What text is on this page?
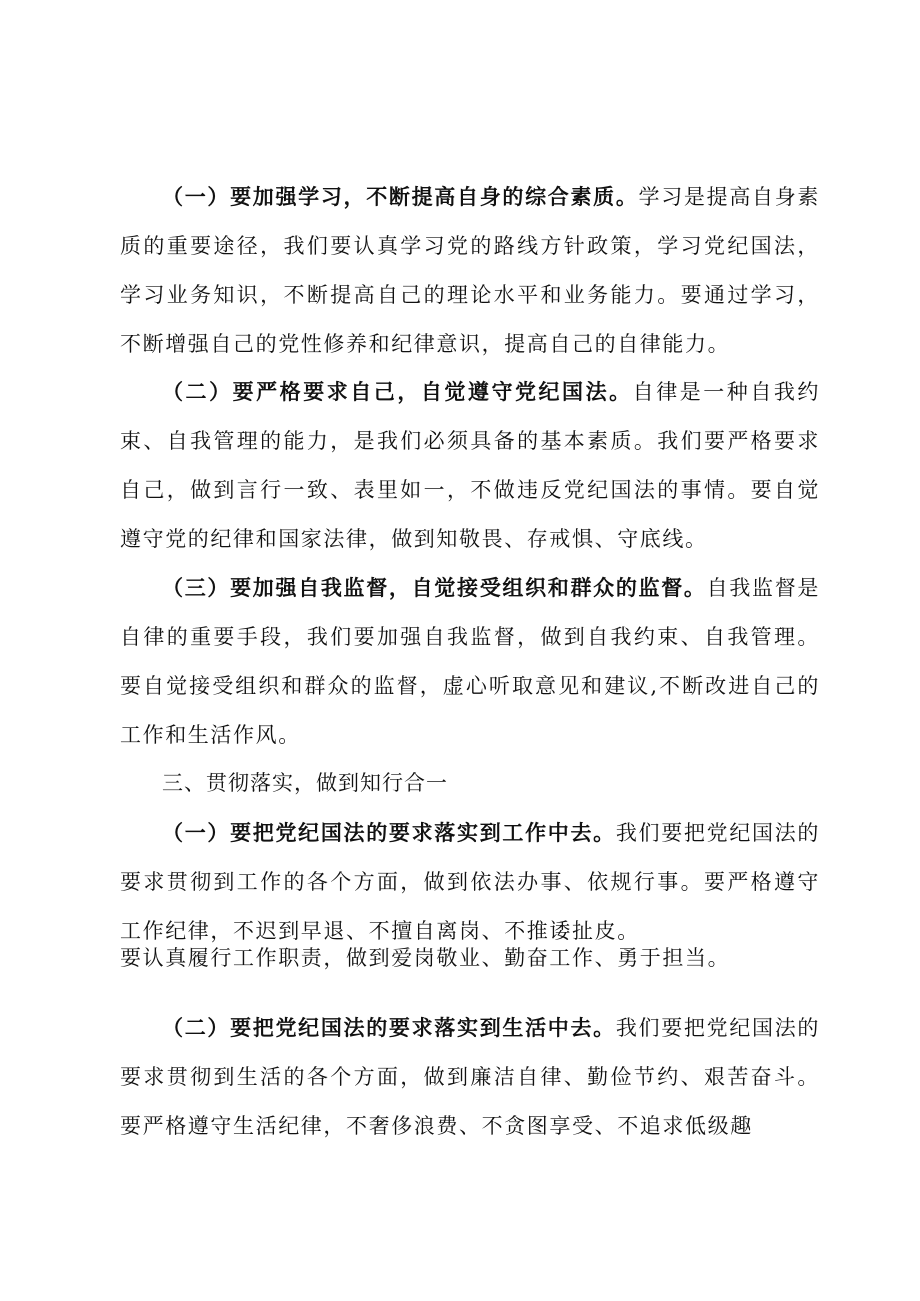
（一）要加强学习，不断提高自身的综合素质。学习是提高自身素质的重要途径，我们要认真学习党的路线方针政策，学习党纪国法，学习业务知识，不断提高自己的理论水平和业务能力。要通过学习，不断增强自己的党性修养和纪律意识，提高自己的自律能力。

（二）要严格要求自己，自觉遵守党纪国法。自律是一种自我约束、自我管理的能力，是我们必须具备的基本素质。我们要严格要求自己，做到言行一致、表里如一，不做违反党纪国法的事情。要自觉遵守党的纪律和国家法律，做到知敬畏、存戒惧、守底线。

（三）要加强自我监督，自觉接受组织和群众的监督。自我监督是自律的重要手段，我们要加强自我监督，做到自我约束、自我管理。要自觉接受组织和群众的监督，虚心听取意见和建议,不断改进自己的工作和生活作风。

三、贯彻落实，做到知行合一

（一）要把党纪国法的要求落实到工作中去。我们要把党纪国法的要求贯彻到工作的各个方面，做到依法办事、依规行事。要严格遵守工作纪律，不迟到早退、不擅自离岗、不推诿扯皮。

要认真履行工作职责，做到爱岗敬业、勤奋工作、勇于担当。

（二）要把党纪国法的要求落实到生活中去。我们要把党纪国法的要求贯彻到生活的各个方面，做到廉洁自律、勤俭节约、艰苦奋斗。要严格遵守生活纪律，不奢侈浪费、不贪图享受、不追求低级趣
